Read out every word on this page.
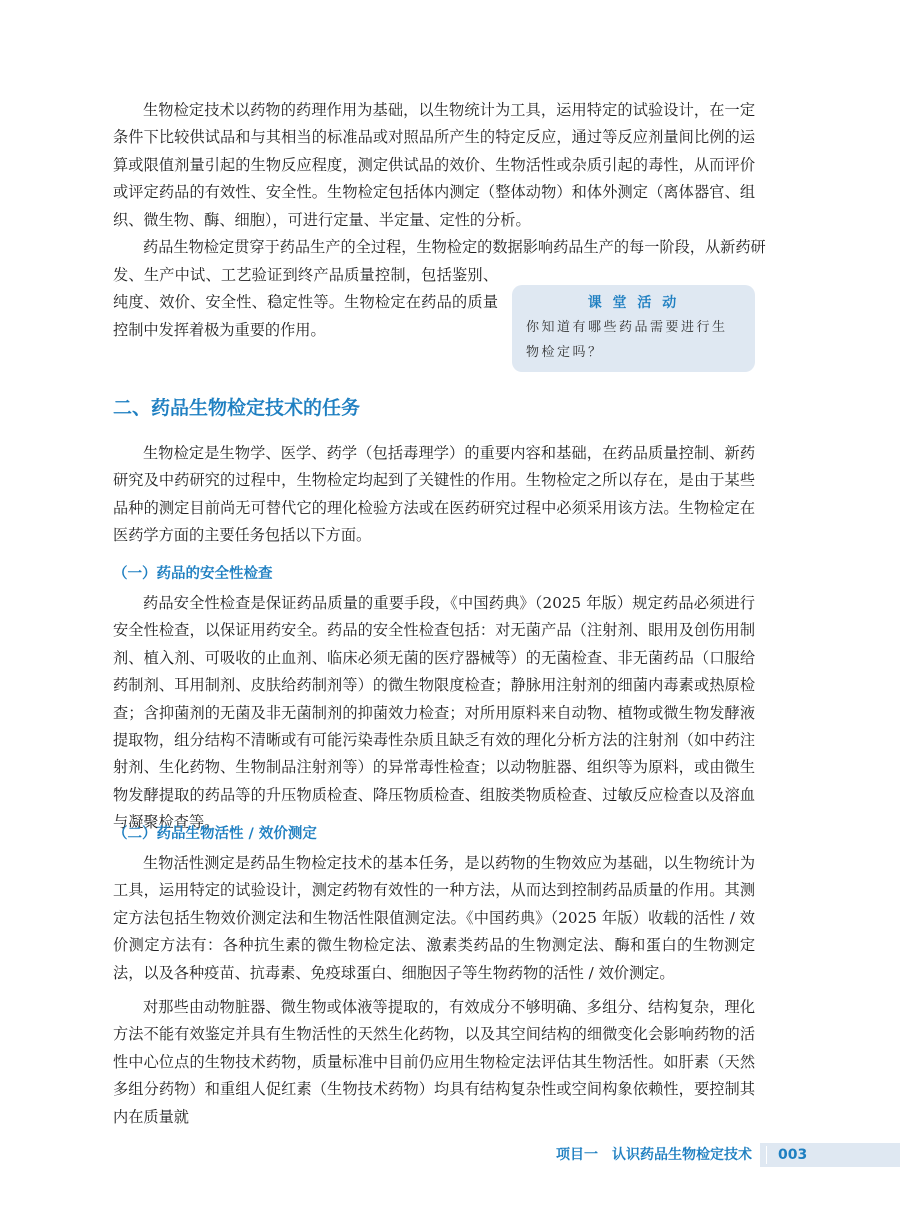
生物检定技术以药物的药理作用为基础，以生物统计为工具，运用特定的试验设计，在一定条件下比较供试品和与其相当的标准品或对照品所产生的特定反应，通过等反应剂量间比例的运算或限值剂量引起的生物反应程度，测定供试品的效价、生物活性或杂质引起的毒性，从而评价或评定药品的有效性、安全性。生物检定包括体内测定（整体动物）和体外测定（离体器官、组织、微生物、酶、细胞），可进行定量、半定量、定性的分析。

药品生物检定贯穿于药品生产的全过程，生物检定的数据影响药品生产的每一阶段，从新药研

发、生产中试、工艺验证到终产品质量控制，包括鉴别、纯度、效价、安全性、稳定性等。生物检定在药品的质量控制中发挥着极为重要的作用。

课 堂 活 动
你知道有哪些药品需要进行生物检定吗？
二、药品生物检定技术的任务

生物检定是生物学、医学、药学（包括毒理学）的重要内容和基础，在药品质量控制、新药研究及中药研究的过程中，生物检定均起到了关键性的作用。生物检定之所以存在，是由于某些品种的测定目前尚无可替代它的理化检验方法或在医药研究过程中必须采用该方法。生物检定在医药学方面的主要任务包括以下方面。

（一）药品的安全性检查

药品安全性检查是保证药品质量的重要手段，《中国药典》（2025 年版）规定药品必须进行安全性检查，以保证用药安全。药品的安全性检查包括：对无菌产品（注射剂、眼用及创伤用制剂、植入剂、可吸收的止血剂、临床必须无菌的医疗器械等）的无菌检查、非无菌药品（口服给药制剂、耳用制剂、皮肤给药制剂等）的微生物限度检查；静脉用注射剂的细菌内毒素或热原检查；含抑菌剂的无菌及非无菌制剂的抑菌效力检查；对所用原料来自动物、植物或微生物发酵液提取物，组分结构不清晰或有可能污染毒性杂质且缺乏有效的理化分析方法的注射剂（如中药注射剂、生化药物、生物制品注射剂等）的异常毒性检查；以动物脏器、组织等为原料，或由微生物发酵提取的药品等的升压物质检查、降压物质检查、组胺类物质检查、过敏反应检查以及溶血与凝聚检查等。

（二）药品生物活性 / 效价测定

生物活性测定是药品生物检定技术的基本任务，是以药物的生物效应为基础，以生物统计为工具，运用特定的试验设计，测定药物有效性的一种方法，从而达到控制药品质量的作用。其测定方法包括生物效价测定法和生物活性限值测定法。《中国药典》（2025 年版）收载的活性 / 效价测定方法有：各种抗生素的微生物检定法、激素类药品的生物测定法、酶和蛋白的生物测定法，以及各种疫苗、抗毒素、免疫球蛋白、细胞因子等生物药物的活性 / 效价测定。

对那些由动物脏器、微生物或体液等提取的，有效成分不够明确、多组分、结构复杂，理化方法不能有效鉴定并具有生物活性的天然生化药物，以及其空间结构的细微变化会影响药物的活性中心位点的生物技术药物，质量标准中目前仍应用生物检定法评估其生物活性。如肝素（天然多组分药物）和重组人促红素（生物技术药物）均具有结构复杂性或空间构象依赖性，要控制其内在质量就

项目一　认识药品生物检定技术 003
